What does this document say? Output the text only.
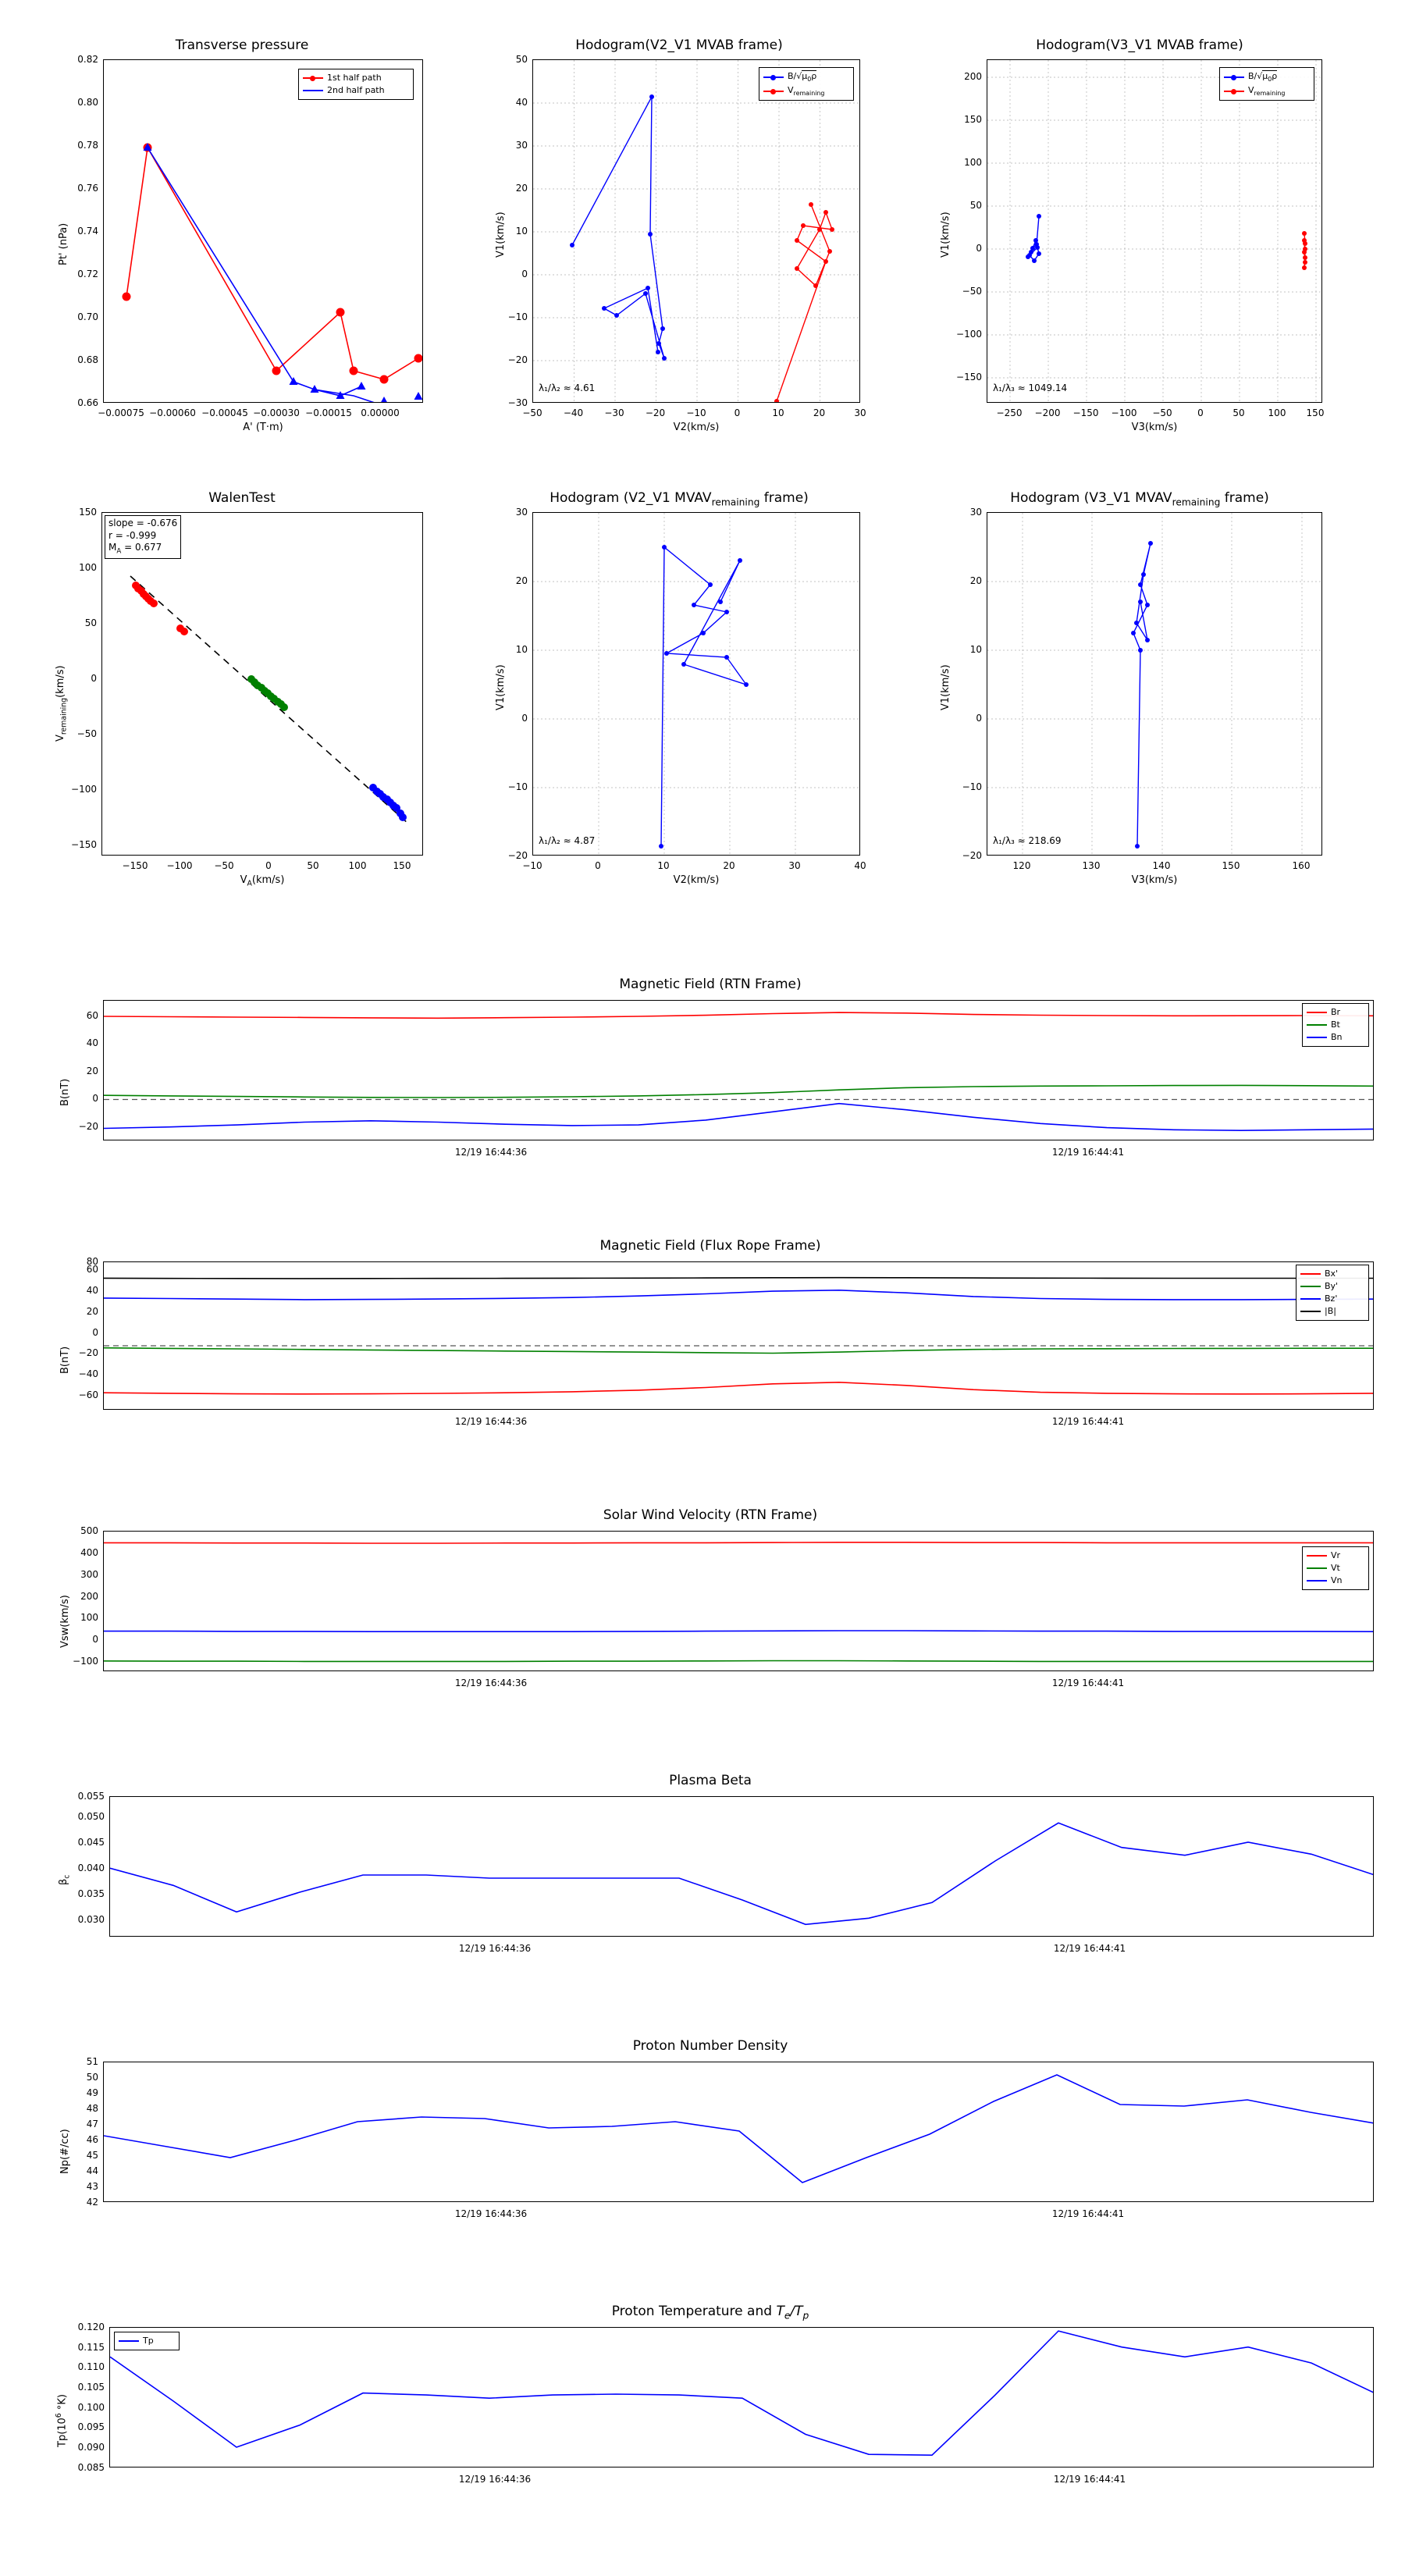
Transverse pressure
Pt' (nPa)
0.66
0.68
0.70
0.72
0.74
0.76
0.78
0.80
0.82
−0.00075 −0.00060 −0.00045 −0.00030 −0.00015 0.00000
A' (T·m)
1st half path
2nd half path
Hodogram(V2_V1 MVAB frame)
V1(km/s)
−30
−20
−10
0
10
20
30
40
50
−50 −40 −30 −20 −10	0	10	20	30
V2(km/s)
$B/√\mu_0\rho$
$V_{remaining}$
λ₁/λ₂ ≈ 4.61
Hodogram(V3_V1 MVAB frame)
V1(km/s)
−150
−100
−50
0
50
100
150
200
−250 −200 −150 −100 −50	0	50 100 150
V3(km/s)
$B/√\mu_0\rho$
$V_{remaining}$
λ₁/λ₃ ≈ 1049.14
WalenTest
$V_{remaining}(km/s)$
slope = -0.676
r = -0.999
$M_A = 0.677$
−150
−100
−50
0
50
100
150
−150 −100 −50	0	50	100	150
$V_A(km/s)$
Hodogram (V2_V1 $MVAV_{remaining}$ frame)
V1(km/s)
−20
−10
0
10
20
30
−10	0	10	20	30	40
V2(km/s)
λ₁/λ₂ ≈ 4.87
Hodogram (V3_V1 $MVAV_{remaining}$ frame)
V1(km/s)
−20
−10
0
10
20
30
120	130	140	150	160
V3(km/s)
λ₁/λ₃ ≈ 218.69
Magnetic Field (RTN Frame)
B(nT)
−20
0
20
40
60
12/19 16:44:36	12/19 16:44:41
Br
Bt
Bn
Magnetic Field (Flux Rope Frame)
B(nT)
−60
−40
−20
0
20
40
60
80
12/19 16:44:36	12/19 16:44:41
Bx'
By'
Bz'
|B|
Solar Wind Velocity (RTN Frame)
Vsw(km/s)
−100
0
100
200
300
400
500
12/19 16:44:36	12/19 16:44:41
Vr
Vt
Vn
Plasma Beta
$\beta_c$
0.030
0.035
0.040
0.045
0.050
0.055
12/19 16:44:36	12/19 16:44:41
Proton Number Density
Np(#/cc)
42
43
44
45
46
47
48
49
50
51
12/19 16:44:36	12/19 16:44:41
Proton Temperature and $T_e/T_p$
$Tp(10^6$ °K)
Tp
0.085
0.090
0.095
0.100
0.105
0.110
0.115
0.120
12/19 16:44:36	12/19 16:44:41
